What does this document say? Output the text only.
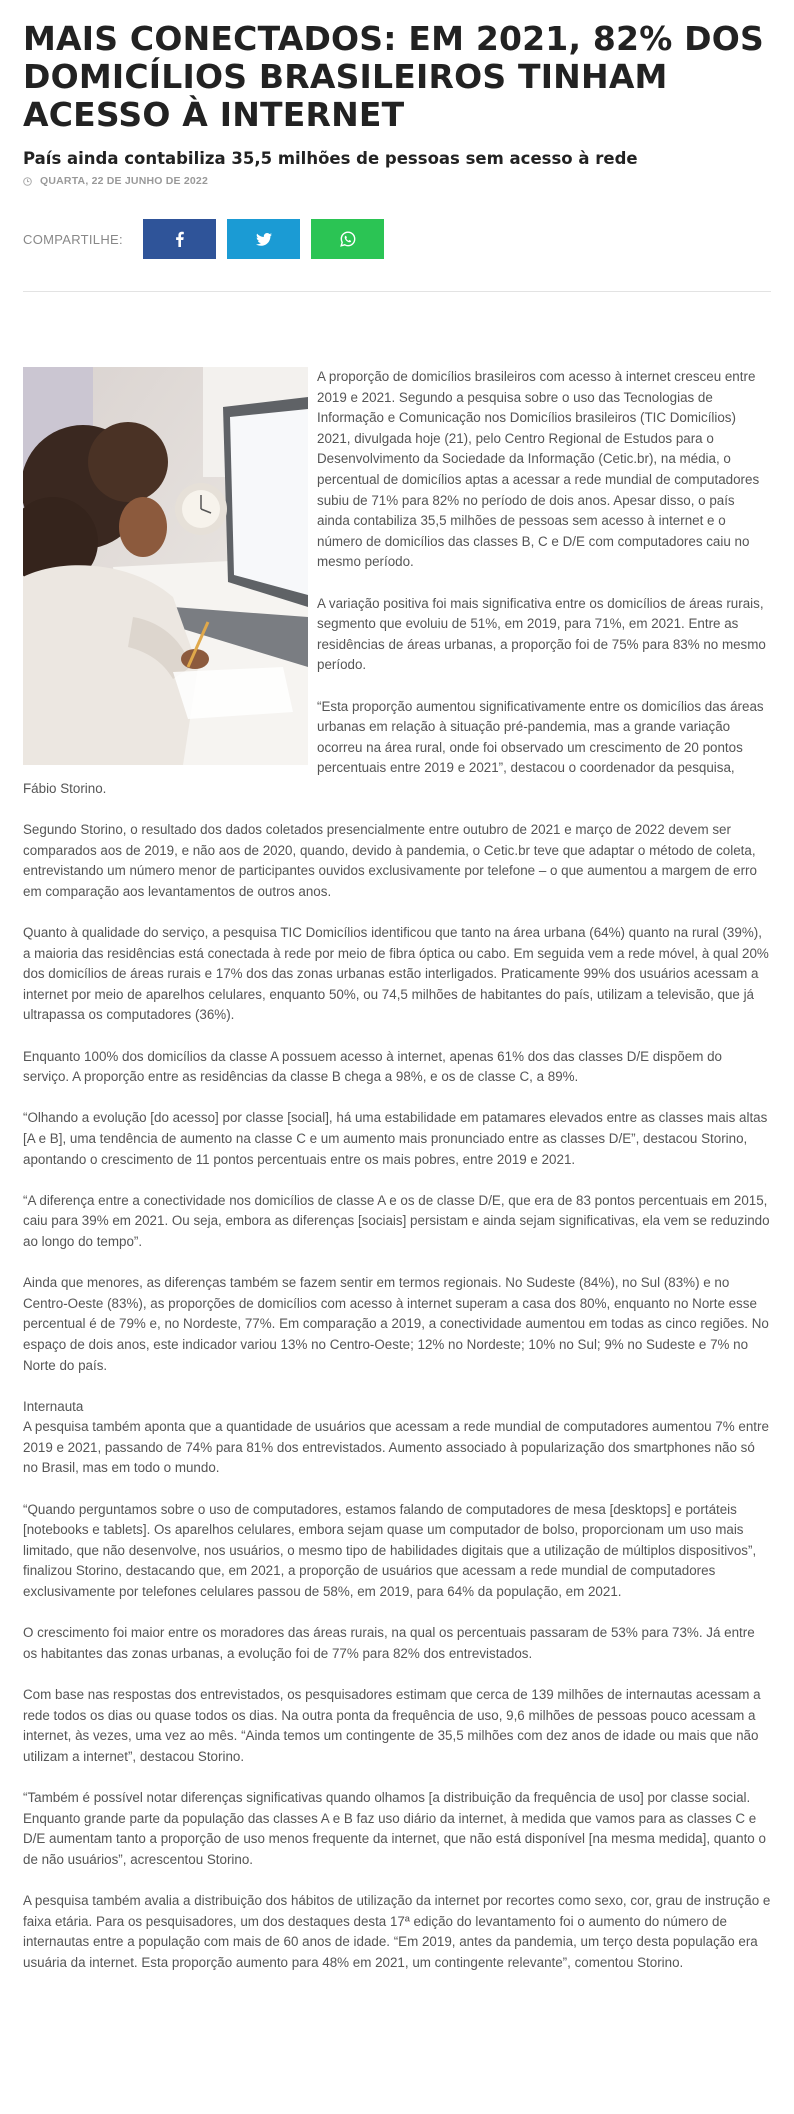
MAIS CONECTADOS: EM 2021, 82% DOS DOMICÍLIOS BRASILEIROS TINHAM ACESSO À INTERNET
País ainda contabiliza 35,5 milhões de pessoas sem acesso à rede
QUARTA, 22 DE JUNHO DE 2022
COMPARTILHE:

A proporção de domicílios brasileiros com acesso à internet cresceu entre 2019 e 2021. Segundo a pesquisa sobre o uso das Tecnologias de Informação e Comunicação nos Domicílios brasileiros (TIC Domicílios) 2021, divulgada hoje (21), pelo Centro Regional de Estudos para o Desenvolvimento da Sociedade da Informação (Cetic.br), na média, o percentual de domicílios aptas a acessar a rede mundial de computadores subiu de 71% para 82% no período de dois anos. Apesar disso, o país ainda contabiliza 35,5 milhões de pessoas sem acesso à internet e o número de domicílios das classes B, C e D/E com computadores caiu no mesmo período.

A variação positiva foi mais significativa entre os domicílios de áreas rurais, segmento que evoluiu de 51%, em 2019, para 71%, em 2021. Entre as residências de áreas urbanas, a proporção foi de 75% para 83% no mesmo período.

“Esta proporção aumentou significativamente entre os domicílios das áreas urbanas em relação à situação pré-pandemia, mas a grande variação ocorreu na área rural, onde foi observado um crescimento de 20 pontos percentuais entre 2019 e 2021”, destacou o coordenador da pesquisa, Fábio Storino.

Segundo Storino, o resultado dos dados coletados presencialmente entre outubro de 2021 e março de 2022 devem ser comparados aos de 2019, e não aos de 2020, quando, devido à pandemia, o Cetic.br teve que adaptar o método de coleta, entrevistando um número menor de participantes ouvidos exclusivamente por telefone – o que aumentou a margem de erro em comparação aos levantamentos de outros anos.

Quanto à qualidade do serviço, a pesquisa TIC Domicílios identificou que tanto na área urbana (64%) quanto na rural (39%), a maioria das residências está conectada à rede por meio de fibra óptica ou cabo. Em seguida vem a rede móvel, à qual 20% dos domicílios de áreas rurais e 17% dos das zonas urbanas estão interligados. Praticamente 99% dos usuários acessam a internet por meio de aparelhos celulares, enquanto 50%, ou 74,5 milhões de habitantes do país, utilizam a televisão, que já ultrapassa os computadores (36%).

Enquanto 100% dos domicílios da classe A possuem acesso à internet, apenas 61% dos das classes D/E dispõem do serviço. A proporção entre as residências da classe B chega a 98%, e os de classe C, a 89%.

“Olhando a evolução [do acesso] por classe [social], há uma estabilidade em patamares elevados entre as classes mais altas [A e B], uma tendência de aumento na classe C e um aumento mais pronunciado entre as classes D/E”, destacou Storino, apontando o crescimento de 11 pontos percentuais entre os mais pobres, entre 2019 e 2021.

“A diferença entre a conectividade nos domicílios de classe A e os de classe D/E, que era de 83 pontos percentuais em 2015, caiu para 39% em 2021. Ou seja, embora as diferenças [sociais] persistam e ainda sejam significativas, ela vem se reduzindo ao longo do tempo”.

Ainda que menores, as diferenças também se fazem sentir em termos regionais. No Sudeste (84%), no Sul (83%) e no Centro-Oeste (83%), as proporções de domicílios com acesso à internet superam a casa dos 80%, enquanto no Norte esse percentual é de 79% e, no Nordeste, 77%. Em comparação a 2019, a conectividade aumentou em todas as cinco regiões. No espaço de dois anos, este indicador variou 13% no Centro-Oeste; 12% no Nordeste; 10% no Sul; 9% no Sudeste e 7% no Norte do país.

Internauta

A pesquisa também aponta que a quantidade de usuários que acessam a rede mundial de computadores aumentou 7% entre 2019 e 2021, passando de 74% para 81% dos entrevistados. Aumento associado à popularização dos smartphones não só no Brasil, mas em todo o mundo.

“Quando perguntamos sobre o uso de computadores, estamos falando de computadores de mesa [desktops] e portáteis [notebooks e tablets]. Os aparelhos celulares, embora sejam quase um computador de bolso, proporcionam um uso mais limitado, que não desenvolve, nos usuários, o mesmo tipo de habilidades digitais que a utilização de múltiplos dispositivos”, finalizou Storino, destacando que, em 2021, a proporção de usuários que acessam a rede mundial de computadores exclusivamente por telefones celulares passou de 58%, em 2019, para 64% da população, em 2021.

O crescimento foi maior entre os moradores das áreas rurais, na qual os percentuais passaram de 53% para 73%. Já entre os habitantes das zonas urbanas, a evolução foi de 77% para 82% dos entrevistados.

Com base nas respostas dos entrevistados, os pesquisadores estimam que cerca de 139 milhões de internautas acessam a rede todos os dias ou quase todos os dias. Na outra ponta da frequência de uso, 9,6 milhões de pessoas pouco acessam a internet, às vezes, uma vez ao mês. “Ainda temos um contingente de 35,5 milhões com dez anos de idade ou mais que não utilizam a internet”, destacou Storino.

“Também é possível notar diferenças significativas quando olhamos [a distribuição da frequência de uso] por classe social. Enquanto grande parte da população das classes A e B faz uso diário da internet, à medida que vamos para as classes C e D/E aumentam tanto a proporção de uso menos frequente da internet, que não está disponível [na mesma medida], quanto o de não usuários”, acrescentou Storino.

A pesquisa também avalia a distribuição dos hábitos de utilização da internet por recortes como sexo, cor, grau de instrução e faixa etária. Para os pesquisadores, um dos destaques desta 17ª edição do levantamento foi o aumento do número de internautas entre a população com mais de 60 anos de idade. “Em 2019, antes da pandemia, um terço desta população era usuária da internet. Esta proporção aumento para 48% em 2021, um contingente relevante”, comentou Storino.
